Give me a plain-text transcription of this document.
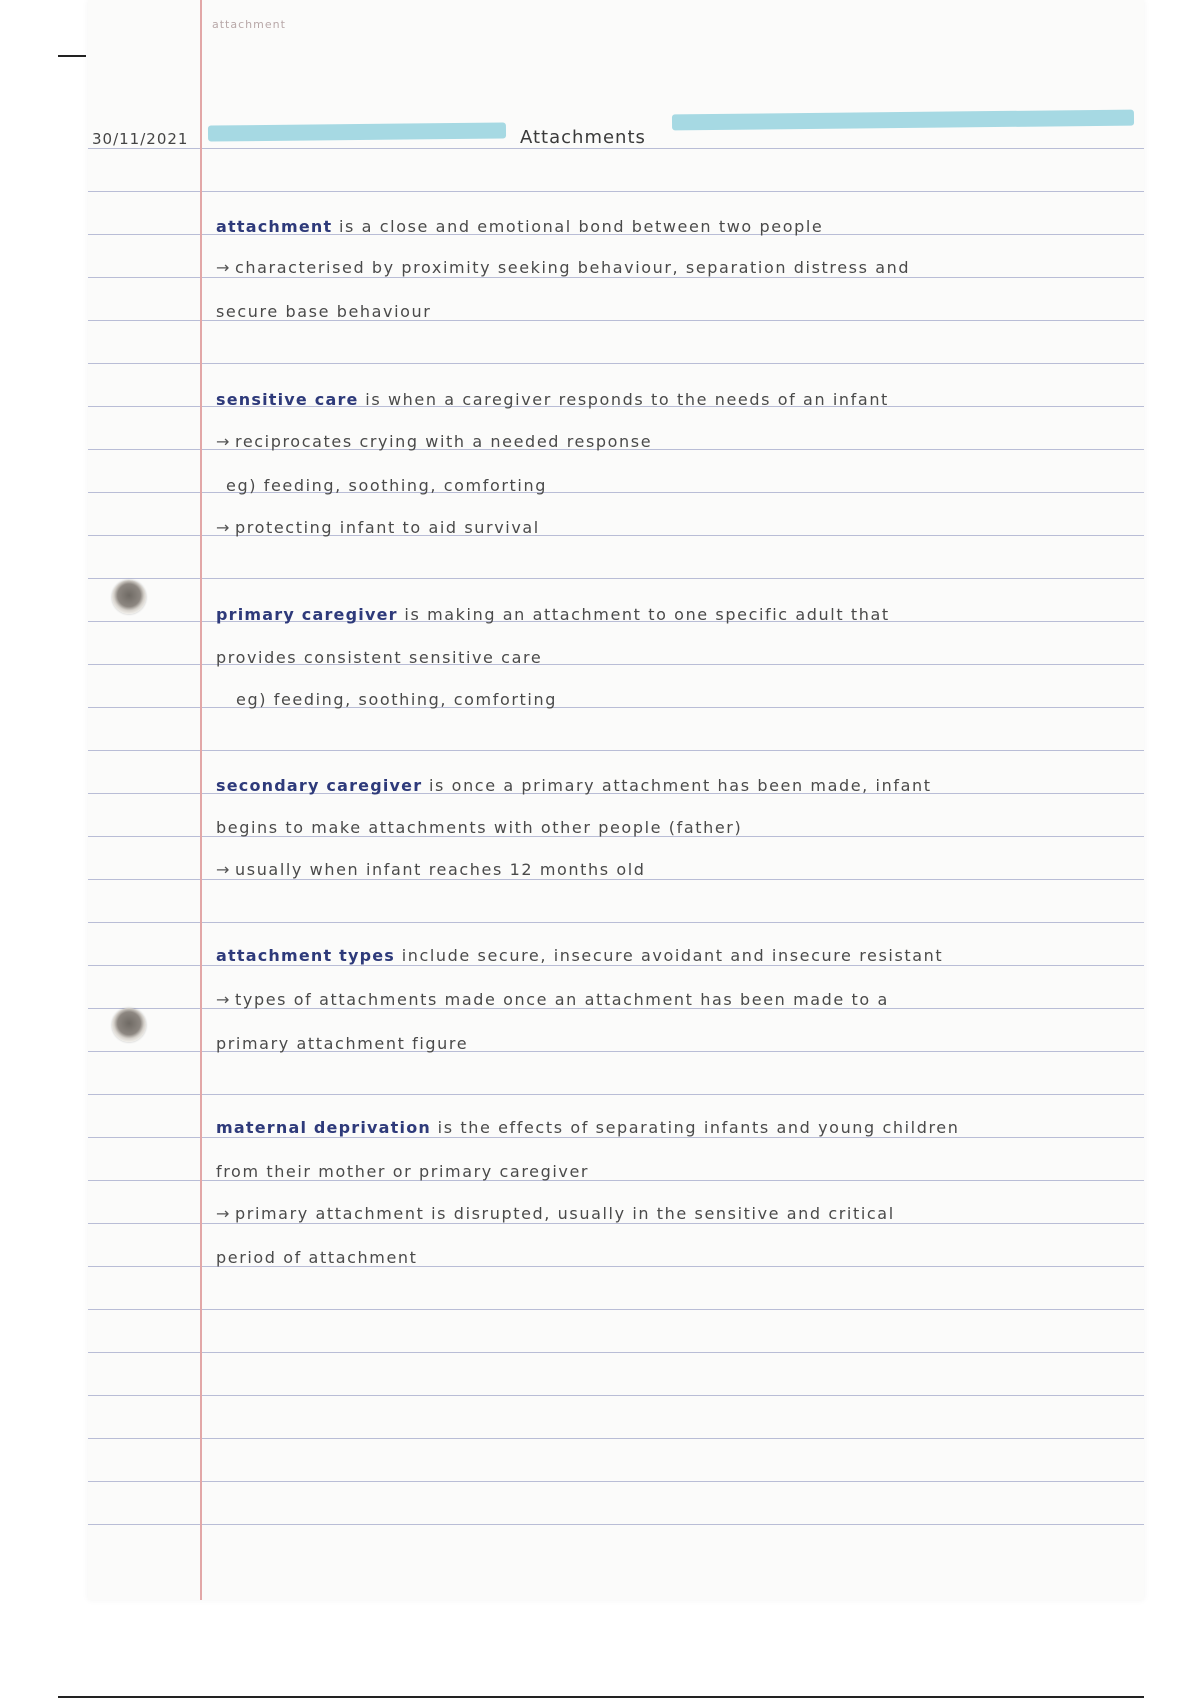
attachment
30/11/2021	Attachments
attachment is a close and emotional bond between two people
→ characterised by proximity seeking behaviour, separation distress and
secure base behaviour
sensitive care is when a caregiver responds to the needs of an infant
→ reciprocates crying with a needed response
eg) feeding, soothing, comforting
→ protecting infant to aid survival
primary caregiver is making an attachment to one specific adult that
provides consistent sensitive care
eg) feeding, soothing, comforting
secondary caregiver is once a primary attachment has been made, infant
begins to make attachments with other people (father)
→ usually when infant reaches 12 months old
attachment types include secure, insecure avoidant and insecure resistant
→ types of attachments made once an attachment has been made to a
primary attachment figure
maternal deprivation is the effects of separating infants and young children
from their mother or primary caregiver
→ primary attachment is disrupted, usually in the sensitive and critical
period of attachment
